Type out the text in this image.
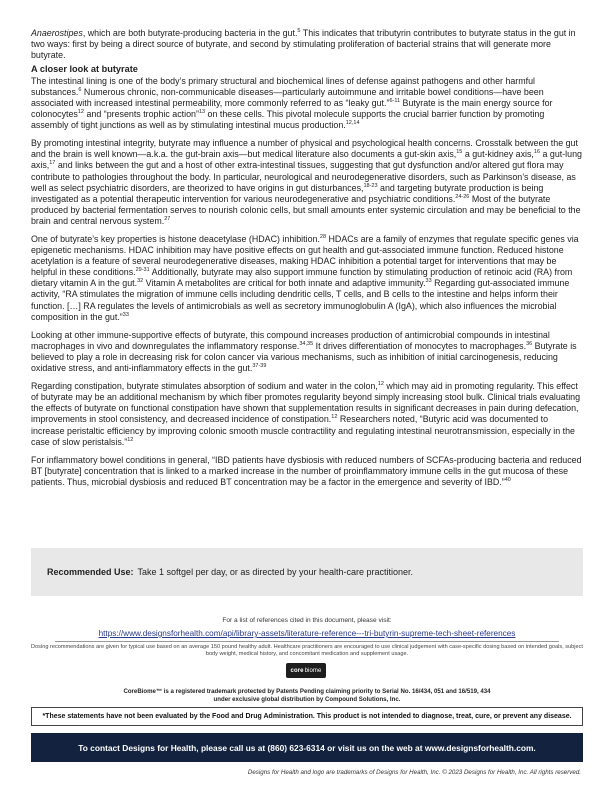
Anaerostipes, which are both butyrate-producing bacteria in the gut.$^5$ This indicates that tributyrin contributes to butyrate status in the gut in two ways: first by being a direct source of butyrate, and second by stimulating proliferation of bacterial strains that will generate more butyrate.

A closer look at butyrate

The intestinal lining is one of the body’s primary structural and biochemical lines of defense against pathogens and other harmful substances.$^6$ Numerous chronic, non-communicable diseases—particularly autoimmune and irritable bowel conditions—have been associated with increased intestinal permeability, more commonly referred to as “leaky gut.”$^{6-11}$ Butyrate is the main energy source for colonocytes$^{12}$ and “presents trophic action”$^{13}$ on these cells. This pivotal molecule supports the crucial barrier function by promoting assembly of tight junctions as well as by stimulating intestinal mucus production.$^{12,14}$

By promoting intestinal integrity, butyrate may influence a number of physical and psychological health concerns. Crosstalk between the gut and the brain is well known—a.k.a. the gut-brain axis—but medical literature also documents a gut-skin axis,$^{15}$ a gut-kidney axis,$^{16}$ a gut-lung axis,$^{17}$ and links between the gut and a host of other extra-intestinal tissues, suggesting that gut dysfunction and/or altered gut flora may contribute to pathologies throughout the body. In particular, neurological and neurodegenerative disorders, such as Parkinson’s disease, as well as select psychiatric disorders, are theorized to have origins in gut disturbances,$^{18-23}$ and targeting butyrate production is being investigated as a potential therapeutic intervention for various neurodegenerative and psychiatric conditions.$^{24-26}$ Most of the butyrate produced by bacterial fermentation serves to nourish colonic cells, but small amounts enter systemic circulation and may be beneficial to the brain and central nervous system.$^{27}$

One of butyrate’s key properties is histone deacetylase (HDAC) inhibition.$^{28}$ HDACs are a family of enzymes that regulate specific genes via epigenetic mechanisms. HDAC inhibition may have positive effects on gut health and gut-associated immune function. Reduced histone acetylation is a feature of several neurodegenerative diseases, making HDAC inhibition a potential target for interventions that may be helpful in these conditions.$^{29-31}$ Additionally, butyrate may also support immune function by stimulating production of retinoic acid (RA) from dietary vitamin A in the gut.$^{32}$ Vitamin A metabolites are critical for both innate and adaptive immunity.$^{33}$ Regarding gut-associated immune activity, “RA stimulates the migration of immune cells including dendritic cells, T cells, and B cells to the intestine and helps inform their function. […] RA regulates the levels of antimicrobials as well as secretory immunoglobulin A (IgA), which also influences the microbial composition in the gut.”$^{33}$

Looking at other immune-supportive effects of butyrate, this compound increases production of antimicrobial compounds in intestinal macrophages in vivo and downregulates the inflammatory response.$^{34,35}$ It drives differentiation of monocytes to macrophages.$^{36}$ Butyrate is believed to play a role in decreasing risk for colon cancer via various mechanisms, such as inhibition of initial carcinogenesis, reducing oxidative stress, and anti-inflammatory effects in the gut.$^{37-39}$

Regarding constipation, butyrate stimulates absorption of sodium and water in the colon,$^{12}$ which may aid in promoting regularity. This effect of butyrate may be an additional mechanism by which fiber promotes regularity beyond simply increasing stool bulk. Clinical trials evaluating the effects of butyrate on functional constipation have shown that supplementation results in significant decreases in pain during defecation, improvements in stool consistency, and decreased incidence of constipation.$^{12}$ Researchers noted, “Butyric acid was documented to increase peristaltic efficiency by improving colonic smooth muscle contractility and regulating intestinal neurotransmission, especially in the case of slow peristalsis.”$^{12}$

For inflammatory bowel conditions in general, “IBD patients have dysbiosis with reduced numbers of SCFAs-producing bacteria and reduced BT [butyrate] concentration that is linked to a marked increase in the number of proinflammatory immune cells in the gut mucosa of these patients. Thus, microbial dysbiosis and reduced BT concentration may be a factor in the emergence and severity of IBD.”$^{40}$

Recommended Use: Take 1 softgel per day, or as directed by your health-care practitioner.

For a list of references cited in this document, please visit:

https://www.designsforhealth.com/api/library-assets/literature-reference---tri-butyrin-supreme-tech-sheet-references

Dosing recommendations are given for typical use based on an average 150 pound healthy adult. Healthcare practitioners are encouraged to use clinical judgement with case-specific dosing based on intended goals, subject body weight, medical history, and concomitant medication and supplement usage.

core biome
CoreBiome™ is a registered trademark protected by Patents Pending claiming priority to Serial No. 16/434, 051 and 16/519, 434
under exclusive global distribution by Compound Solutions, Inc.
*These statements have not been evaluated by the Food and Drug Administration. This product is not intended to diagnose, treat, cure, or prevent any disease.
To contact Designs for Health, please call us at (860) 623-6314 or visit us on the web at www.designsforhealth.com.
Designs for Health and logo are trademarks of Designs for Health, Inc. © 2023 Designs for Health, Inc. All rights reserved.
